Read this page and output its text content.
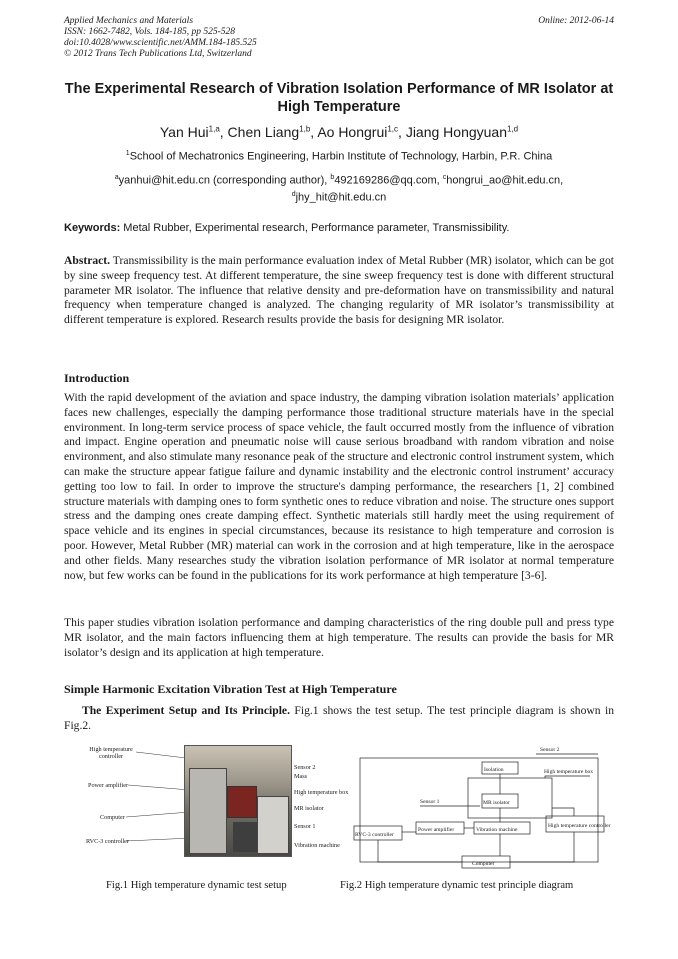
Applied Mechanics and Materials
ISSN: 1662-7482, Vols. 184-185, pp 525-528
doi:10.4028/www.scientific.net/AMM.184-185.525
© 2012 Trans Tech Publications Ltd, Switzerland
Online: 2012-06-14
The Experimental Research of Vibration Isolation Performance of MR Isolator at High Temperature
Yan Hui$^{1,a}$, Chen Liang$^{1,b}$, Ao Hongrui$^{1,c}$, Jiang Hongyuan$^{1,d}$
$^1$School of Mechatronics Engineering, Harbin Institute of Technology, Harbin, P.R. China
$^a$yanhui@hit.edu.cn (corresponding author), $^b$492169286@qq.com, $^c$hongrui_ao@hit.edu.cn,
$^d$jhy_hit@hit.edu.cn
Keywords: Metal Rubber, Experimental research, Performance parameter, Transmissibility.
Abstract. Transmissibility is the main performance evaluation index of Metal Rubber (MR) isolator, which can be got by sine sweep frequency test. At different temperature, the sine sweep frequency test is done with different structural parameter MR isolator. The influence that relative density and pre-deformation have on transmissibility and natural frequency when temperature changed is analyzed. The changing regularity of MR isolator’s transmissibility at different temperature is explored. Research results provide the basis for designing MR isolator.
Introduction
With the rapid development of the aviation and space industry, the damping vibration isolation materials’ application faces new challenges, especially the damping performance those traditional structure materials have in the special environment. In long-term service process of space vehicle, the fault occurred mostly from the influence of vibration and impact. Engine operation and pneumatic noise will cause serious broadband with random vibration and noise environment, and also stimulate many resonance peak of the structure and electronic control instrument system, which can make the structure appear fatigue failure and dynamic instability and the electronic control instrument’ accuracy getting too low to fail. In order to improve the structure's damping performance, the researchers [1, 2] combined structure materials with damping ones to form synthetic ones to reduce vibration and noise. The structure ones support stress and the damping ones create damping effect. Synthetic materials still hardly meet the using requirement of space vehicle and its engines in special circumstances, because its resistance to high temperature and corrosion is poor. However, Metal Rubber (MR) material can work in the corrosion and at high temperature, like in the aerospace and other fields. Many researches study the vibration isolation performance of MR isolator at normal temperature now, but few works can be found in the publications for its work performance at high temperature [3-6].
This paper studies vibration isolation performance and damping characteristics of the ring double pull and press type MR isolator, and the main factors influencing them at high temperature. The results can provide the basis for MR isolator’s design and its application at high temperature.
Simple Harmonic Excitation Vibration Test at High Temperature
The Experiment Setup and Its Principle. Fig.1 shows the test setup. The test principle diagram is shown in Fig.2.
High temperature controller
Power amplifier
Computer
RVC-3 controller
Sensor 2
Mass
High temperature box
MR isolator
Sensor 1
Vibration machine
Fig.1 High temperature dynamic test setup
Sensor 2
Isolation	High temperature box
Sensor 1	MR isolator
RVC-3 controller
Power amplifier	Vibration machine
High temperature controller
Computer
Fig.2 High temperature dynamic test principle diagram
